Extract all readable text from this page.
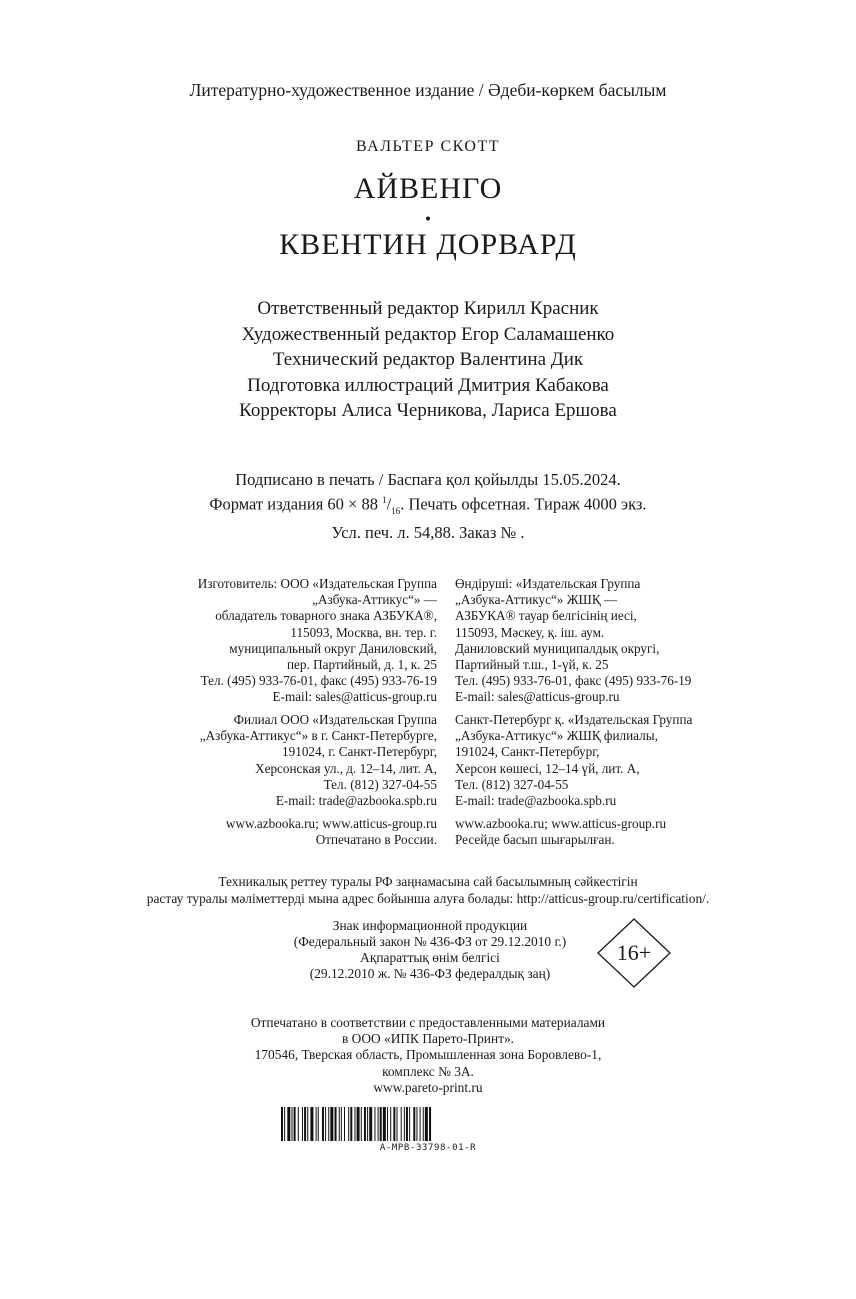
Литературно-художественное издание / Әдеби-көркем басылым
ВАЛЬТЕР СКОТТ
АЙВЕНГО
•
КВЕНТИН ДОРВАРД
Ответственный редактор Кирилл Красник
Художественный редактор Егор Саламашенко
Технический редактор Валентина Дик
Подготовка иллюстраций Дмитрия Кабакова
Корректоры Алиса Черникова, Лариса Ершова
Подписано в печать / Баспаға қол қойылды 15.05.2024.
Формат издания 60 × 88 $^1/_{16}$. Печать офсетная. Тираж 4000 экз.
Усл. печ. л. 54,88. Заказ № .
Изготовитель: ООО «Издательская Группа
„Азбука-Аттикус“» —
обладатель товарного знака АЗБУКА®,
115093, Москва, вн. тер. г.
муниципальный округ Даниловский,
пер. Партийный, д. 1, к. 25
Тел. (495) 933-76-01, факс (495) 933-76-19
E-mail: sales@atticus-group.ru
Өндіруші: «Издательская Группа
„Азбука-Аттикус“» ЖШҚ —
АЗБУКА® тауар белгісінің иесі,
115093, Мәскеу, қ. іш. аум.
Даниловский муниципалдық округі,
Партийный т.ш., 1-үй, к. 25
Тел. (495) 933-76-01, факс (495) 933-76-19
E-mail: sales@atticus-group.ru
Филиал ООО «Издательская Группа
„Азбука-Аттикус“» в г. Санкт-Петербурге,
191024, г. Санкт-Петербург,
Херсонская ул., д. 12–14, лит. А,
Тел. (812) 327-04-55
E-mail: trade@azbooka.spb.ru
Санкт-Петербург қ. «Издательская Группа
„Азбука-Аттикус“» ЖШҚ филиалы,
191024, Санкт-Петербург,
Херсон көшесі, 12–14 үй, лит. А,
Тел. (812) 327-04-55
E-mail: trade@azbooka.spb.ru
www.azbooka.ru; www.atticus-group.ru
Отпечатано в России.
www.azbooka.ru; www.atticus-group.ru
Ресейде басып шығарылған.
Техникалық реттеу туралы РФ заңнамасына сай басылымның сәйкестігін
растау туралы мәліметтерді мына адрес бойынша алуға болады: http://atticus-group.ru/certification/.
Знак информационной продукции
(Федеральный закон № 436-ФЗ от 29.12.2010 г.)
Ақпараттық өнім белгісі
(29.12.2010 ж. № 436-ФЗ федералдық заң)
16+
Отпечатано в соответствии с предоставленными материалами
в ООО «ИПК Парето-Принт».
170546, Тверская область, Промышленная зона Боровлево-1,
комплекс № 3А.
www.pareto-print.ru
A-MPB-33798-01-R
